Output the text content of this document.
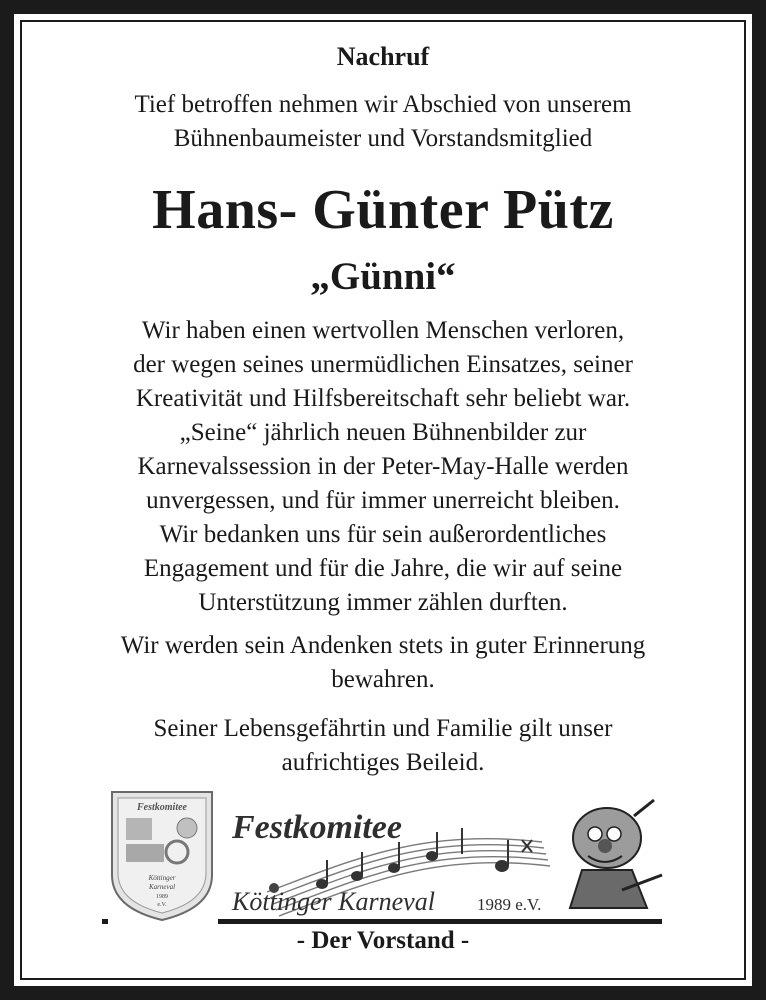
Nachruf
Tief betroffen nehmen wir Abschied von unserem
Bühnenbaumeister und Vorstandsmitglied
Hans- Günter Pütz
„Günni“
Wir haben einen wertvollen Menschen verloren,
der wegen seines unermüdlichen Einsatzes, seiner
Kreativität und Hilfsbereitschaft sehr beliebt war.
„Seine“ jährlich neuen Bühnenbilder zur
Karnevalssession in der Peter-May-Halle werden
unvergessen, und für immer unerreicht bleiben.
Wir bedanken uns für sein außerordentliches
Engagement und für die Jahre, die wir auf seine
Unterstützung immer zählen durften.
Wir werden sein Andenken stets in guter Erinnerung
bewahren.
Seiner Lebensgefährtin und Familie gilt unser
aufrichtiges Beileid.
Festkomitee
Köttinger
Karneval
1989
e.V.
Festkomitee
Köttinger Karneval 1989 e.V.
- Der Vorstand -
